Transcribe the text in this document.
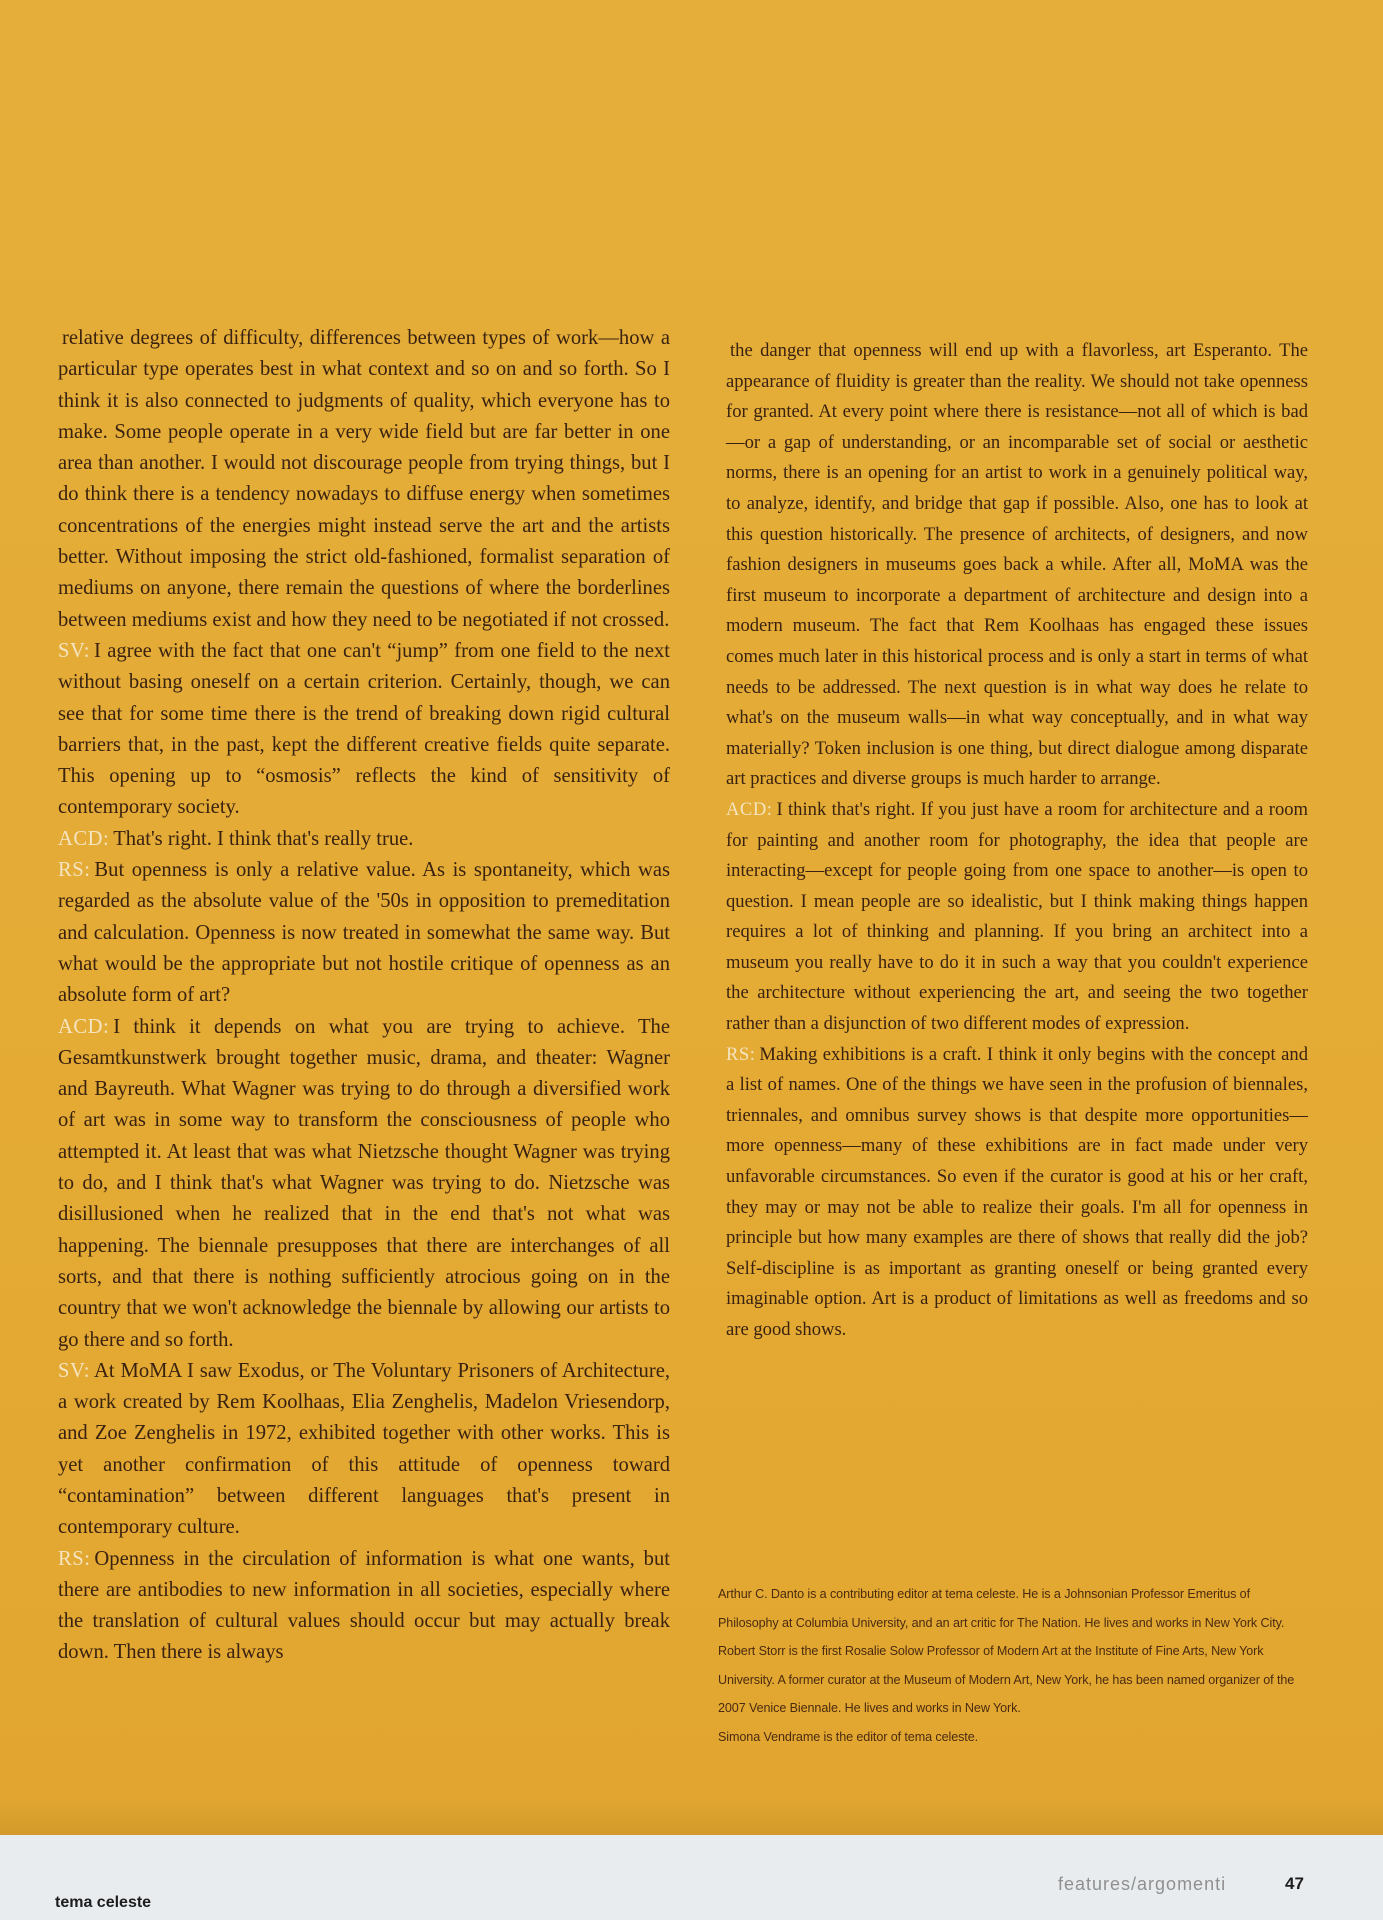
relative degrees of difficulty, differences between types of work—how a particular type operates best in what context and so on and so forth. So I think it is also connected to judgments of quality, which everyone has to make. Some people operate in a very wide field but are far better in one area than another. I would not discourage people from trying things, but I do think there is a tendency nowadays to diffuse energy when sometimes concentrations of the energies might instead serve the art and the artists better. Without imposing the strict old-fashioned, formalist separation of mediums on anyone, there remain the questions of where the borderlines between mediums exist and how they need to be negotiated if not crossed.

SV: I agree with the fact that one can't “jump” from one field to the next without basing oneself on a certain criterion. Certainly, though, we can see that for some time there is the trend of breaking down rigid cultural barriers that, in the past, kept the different creative fields quite separate. This opening up to “osmosis” reflects the kind of sensitivity of contemporary society.

ACD: That's right. I think that's really true.

RS: But openness is only a relative value. As is spontaneity, which was regarded as the absolute value of the '50s in opposition to premeditation and calculation. Openness is now treated in somewhat the same way. But what would be the appropriate but not hostile critique of openness as an absolute form of art?

ACD: I think it depends on what you are trying to achieve. The Gesamtkunstwerk brought together music, drama, and theater: Wagner and Bayreuth. What Wagner was trying to do through a diversified work of art was in some way to transform the consciousness of people who attempted it. At least that was what Nietzsche thought Wagner was trying to do, and I think that's what Wagner was trying to do. Nietzsche was disillusioned when he realized that in the end that's not what was happening. The biennale presupposes that there are interchanges of all sorts, and that there is nothing sufficiently atrocious going on in the country that we won't acknowledge the biennale by allowing our artists to go there and so forth.

SV: At MoMA I saw Exodus, or The Voluntary Prisoners of Architecture, a work created by Rem Koolhaas, Elia Zenghelis, Madelon Vriesendorp, and Zoe Zenghelis in 1972, exhibited together with other works. This is yet another confirmation of this attitude of openness toward “contamination” between different languages that's present in contemporary culture.

RS: Openness in the circulation of information is what one wants, but there are antibodies to new information in all societies, especially where the translation of cultural values should occur but may actually break down. Then there is always

the danger that openness will end up with a flavorless, art Esperanto. The appearance of fluidity is greater than the reality. We should not take openness for granted. At every point where there is resistance—not all of which is bad—or a gap of understanding, or an incomparable set of social or aesthetic norms, there is an opening for an artist to work in a genuinely political way, to analyze, identify, and bridge that gap if possible. Also, one has to look at this question historically. The presence of architects, of designers, and now fashion designers in museums goes back a while. After all, MoMA was the first museum to incorporate a department of architecture and design into a modern museum. The fact that Rem Koolhaas has engaged these issues comes much later in this historical process and is only a start in terms of what needs to be addressed. The next question is in what way does he relate to what's on the museum walls—in what way conceptually, and in what way materially? Token inclusion is one thing, but direct dialogue among disparate art practices and diverse groups is much harder to arrange.

ACD: I think that's right. If you just have a room for architecture and a room for painting and another room for photography, the idea that people are interacting—except for people going from one space to another—is open to question. I mean people are so idealistic, but I think making things happen requires a lot of thinking and planning. If you bring an architect into a museum you really have to do it in such a way that you couldn't experience the architecture without experiencing the art, and seeing the two together rather than a disjunction of two different modes of expression.

RS: Making exhibitions is a craft. I think it only begins with the concept and a list of names. One of the things we have seen in the profusion of biennales, triennales, and omnibus survey shows is that despite more opportunities—more openness—many of these exhibitions are in fact made under very unfavorable circumstances. So even if the curator is good at his or her craft, they may or may not be able to realize their goals. I'm all for openness in principle but how many examples are there of shows that really did the job? Self-discipline is as important as granting oneself or being granted every imaginable option. Art is a product of limitations as well as freedoms and so are good shows.

Arthur C. Danto is a contributing editor at tema celeste. He is a Johnsonian Professor Emeritus of Philosophy at Columbia University, and an art critic for The Nation. He lives and works in New York City.

Robert Storr is the first Rosalie Solow Professor of Modern Art at the Institute of Fine Arts, New York University. A former curator at the Museum of Modern Art, New York, he has been named organizer of the 2007 Venice Biennale. He lives and works in New York.

Simona Vendrame is the editor of tema celeste.

tema celeste
features/argomenti	47
